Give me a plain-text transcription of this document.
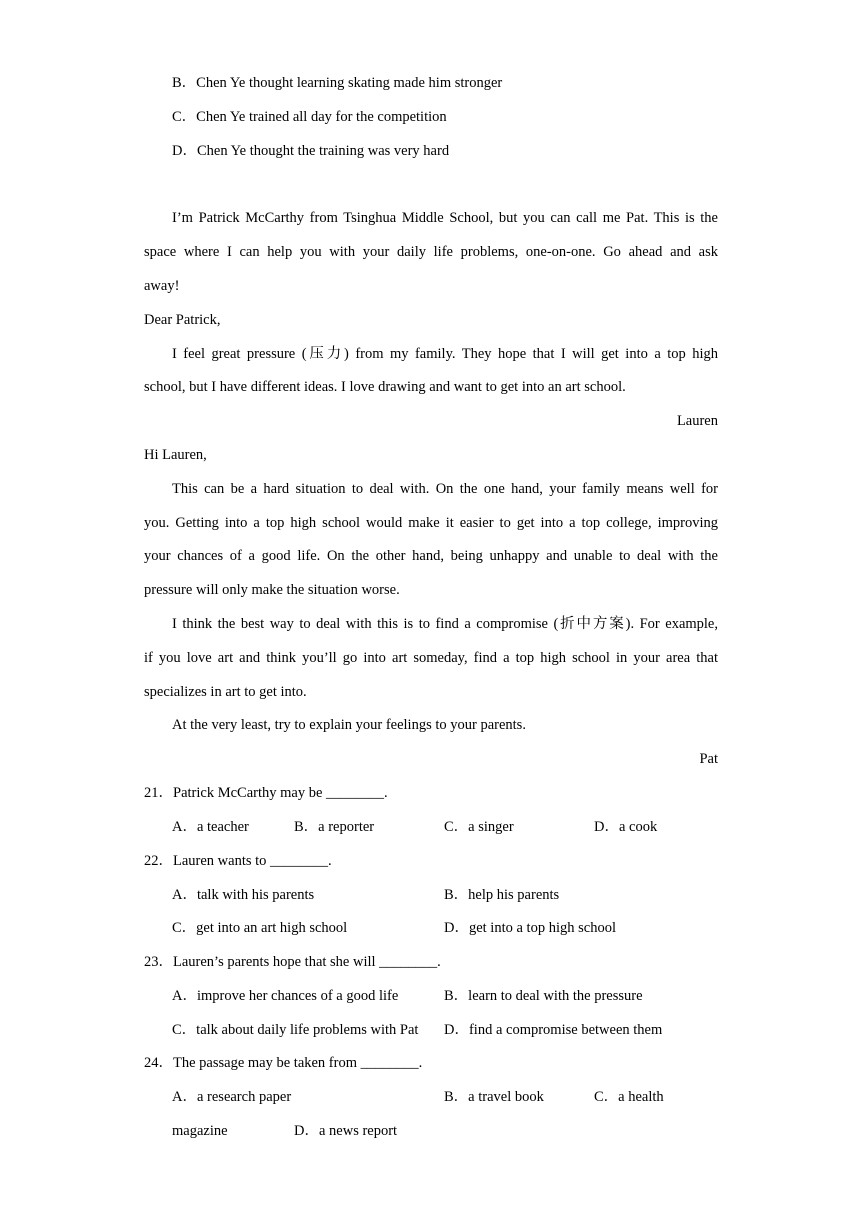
B．Chen Ye thought learning skating made him stronger
C．Chen Ye trained all day for the competition
D．Chen Ye thought the training was very hard
I’m Patrick McCarthy from Tsinghua Middle School, but you can call me Pat. This is the
space where I can help you with your daily life problems, one-on-one. Go ahead and ask
away!
Dear Patrick,
I feel great pressure (压力) from my family. They hope that I will get into a top high
school, but I have different ideas. I love drawing and want to get into an art school.
Lauren
Hi Lauren,
This can be a hard situation to deal with. On the one hand, your family means well for
you. Getting into a top high school would make it easier to get into a top college, improving
your chances of a good life. On the other hand, being unhappy and unable to deal with the
pressure will only make the situation worse.
I think the best way to deal with this is to find a compromise (折中方案). For example,
if you love art and think you’ll go into art someday, find a top high school in your area that
specializes in art to get into.
At the very least, try to explain your feelings to your parents.
Pat
21．Patrick McCarthy may be ________.
A．a teacher	B．a reporter	C．a singer	D．a cook
22．Lauren wants to ________.
A．talk with his parents	B．help his parents
C．get into an art high school	D．get into a top high school
23．Lauren’s parents hope that she will ________.
A．improve her chances of a good life	B．learn to deal with the pressure
C．talk about daily life problems with Pat D．find a compromise between them
24．The passage may be taken from ________.
A．a research paper	B．a travel book	C．a health
magazine	D．a news report
